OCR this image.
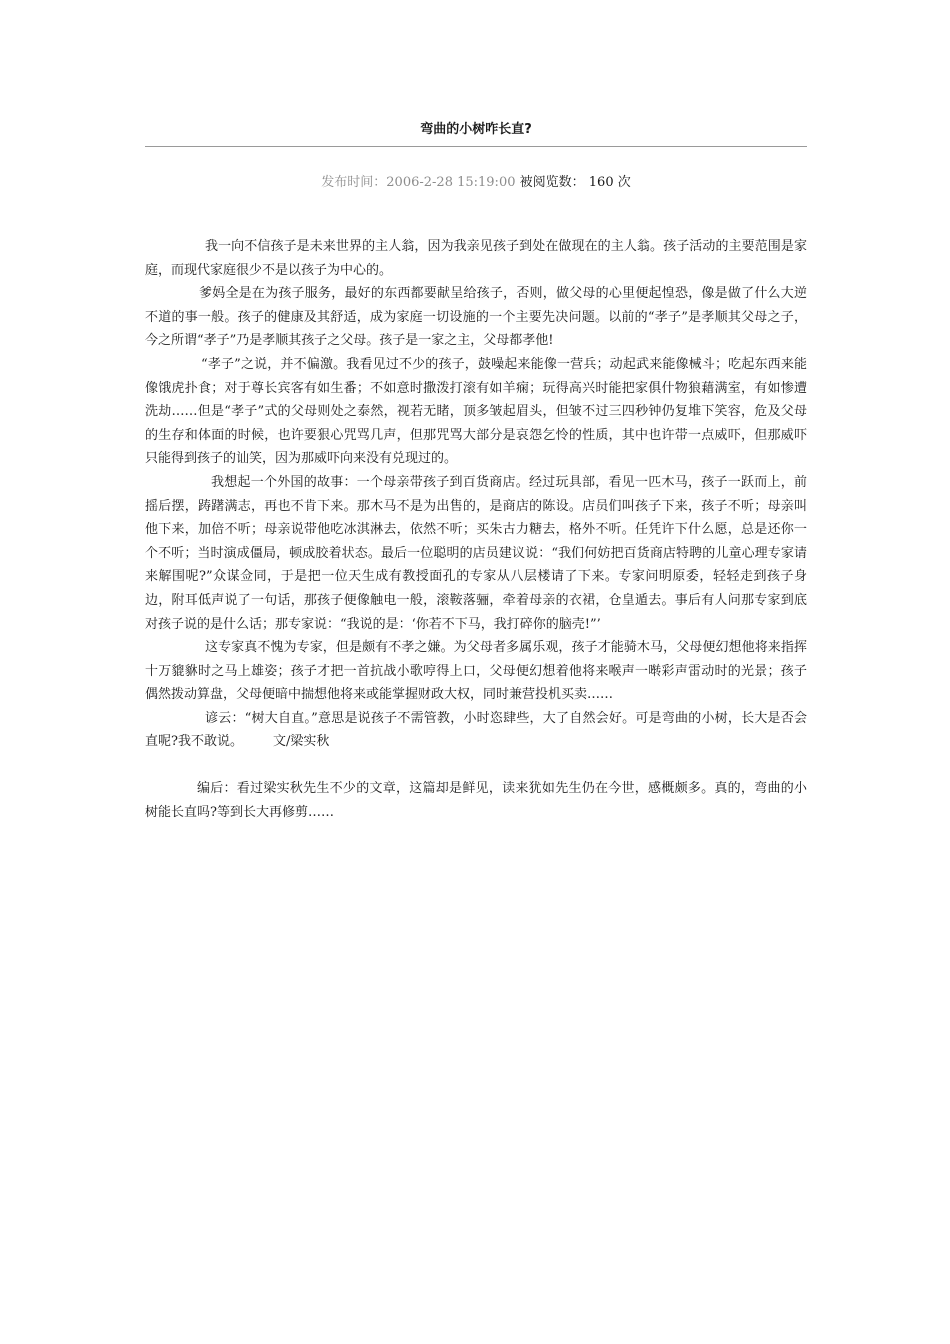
弯曲的小树咋长直?
发布时间：2006-2-28 15:19:00 被阅览数： 160 次

我一向不信孩子是未来世界的主人翁，因为我亲见孩子到处在做现在的主人翁。孩子活动的主要范围是家庭，而现代家庭很少不是以孩子为中心的。

爹妈全是在为孩子服务，最好的东西都要献呈给孩子，否则，做父母的心里便起惶恐，像是做了什么大逆不道的事一般。孩子的健康及其舒适，成为家庭一切设施的一个主要先决问题。以前的“孝子”是孝顺其父母之子，今之所谓“孝子”乃是孝顺其孩子之父母。孩子是一家之主，父母都孝他!

“孝子”之说，并不偏激。我看见过不少的孩子，鼓噪起来能像一营兵；动起武来能像械斗；吃起东西来能像饿虎扑食；对于尊长宾客有如生番；不如意时撒泼打滚有如羊痫；玩得高兴时能把家俱什物狼藉满室，有如惨遭洗劫……但是“孝子”式的父母则处之泰然，视若无睹，顶多皱起眉头，但皱不过三四秒钟仍复堆下笑容，危及父母的生存和体面的时候，也许要狠心咒骂几声，但那咒骂大部分是哀怨乞怜的性质，其中也许带一点威吓，但那威吓只能得到孩子的讪笑，因为那威吓向来没有兑现过的。

我想起一个外国的故事：一个母亲带孩子到百货商店。经过玩具部，看见一匹木马，孩子一跃而上，前摇后摆，踌躇满志，再也不肯下来。那木马不是为出售的，是商店的陈设。店员们叫孩子下来，孩子不听；母亲叫他下来，加倍不听；母亲说带他吃冰淇淋去，依然不听；买朱古力糖去，格外不听。任凭许下什么愿，总是还你一个不听；当时演成僵局，顿成胶着状态。最后一位聪明的店员建议说：“我们何妨把百货商店特聘的儿童心理专家请来解围呢?”众谋佥同，于是把一位天生成有教授面孔的专家从八层楼请了下来。专家问明原委，轻轻走到孩子身边，附耳低声说了一句话，那孩子便像触电一般，滚鞍落骊，牵着母亲的衣裙，仓皇遁去。事后有人问那专家到底对孩子说的是什么话；那专家说：“我说的是：‘你若不下马，我打碎你的脑壳!”’

这专家真不愧为专家，但是颇有不孝之嫌。为父母者多属乐观，孩子才能骑木马，父母便幻想他将来指挥十万貔貅时之马上雄姿；孩子才把一首抗战小歌哼得上口，父母便幻想着他将来喉声一啭彩声雷动时的光景；孩子偶然拨动算盘，父母便暗中揣想他将来或能掌握财政大权，同时兼营投机买卖……

谚云：“树大自直。”意思是说孩子不需管教，小时恣肆些，大了自然会好。可是弯曲的小树，长大是否会直呢?我不敢说。 文/梁实秋

编后：看过梁实秋先生不少的文章，这篇却是鲜见，读来犹如先生仍在今世，感概颇多。真的，弯曲的小树能长直吗?等到长大再修剪……
